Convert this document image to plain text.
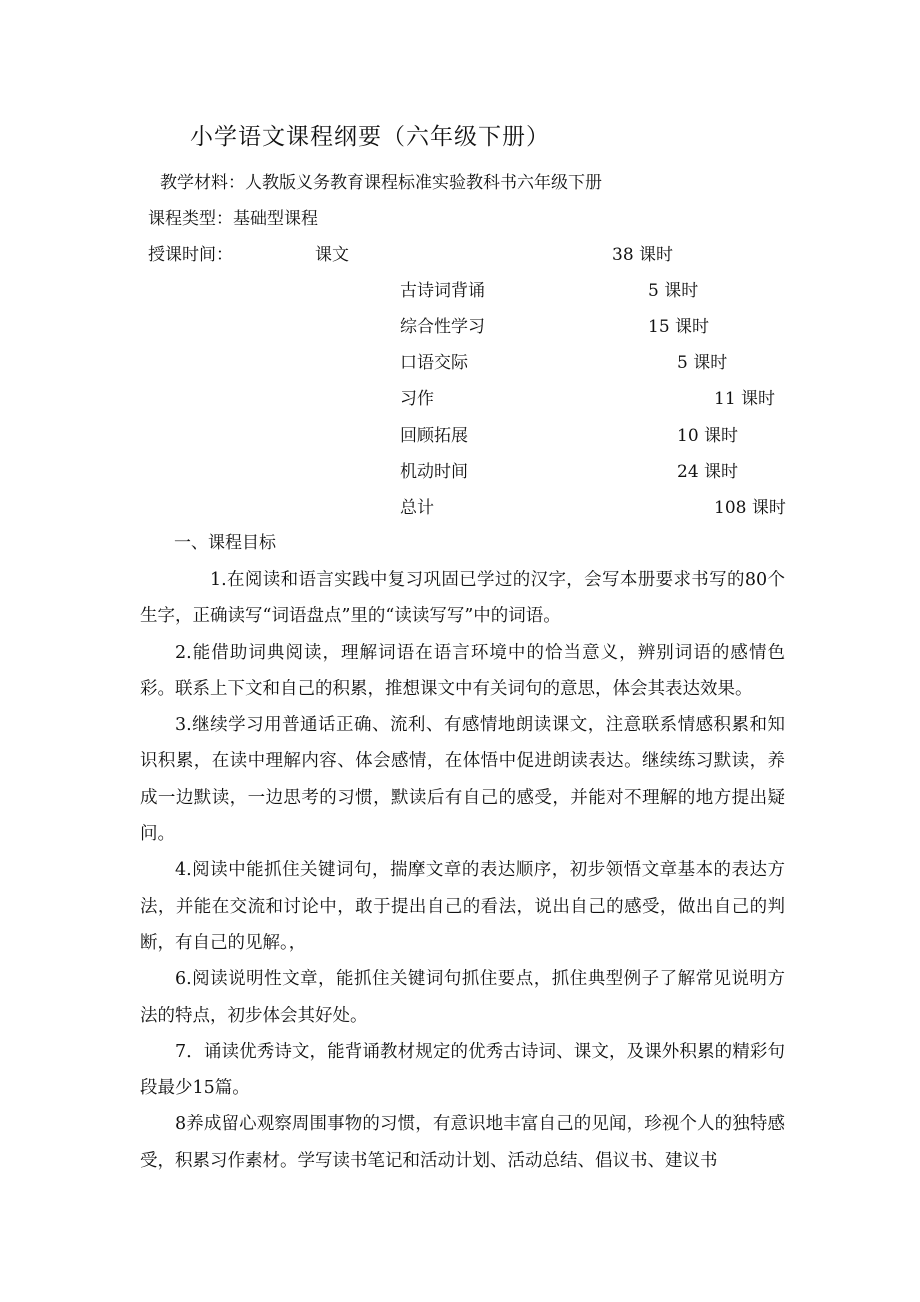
小学语文课程纲要（六年级下册）
教学材料：人教版义务教育课程标准实验教科书六年级下册
课程类型：基础型课程
授课时间：	课文	38 课时
古诗词背诵	5 课时
综合性学习	15 课时
口语交际	5 课时
习作	11 课时
回顾拓展	10 课时
机动时间	24 课时
总计	108 课时
一、课程目标

1.在阅读和语言实践中复习巩固已学过的汉字，会写本册要求书写的80个生字，正确读写“词语盘点”里的“读读写写”中的词语。

2.能借助词典阅读，理解词语在语言环境中的恰当意义，辨别词语的感情色彩。联系上下文和自己的积累，推想课文中有关词句的意思，体会其表达效果。

3.继续学习用普通话正确、流利、有感情地朗读课文，注意联系情感积累和知识积累，在读中理解内容、体会感情，在体悟中促进朗读表达。继续练习默读，养成一边默读，一边思考的习惯，默读后有自己的感受，并能对不理解的地方提出疑问。

4.阅读中能抓住关键词句，揣摩文章的表达顺序，初步领悟文章基本的表达方法，并能在交流和讨论中，敢于提出自己的看法，说出自己的感受，做出自己的判断，有自己的见解。，

6.阅读说明性文章，能抓住关键词句抓住要点，抓住典型例子了解常见说明方法的特点，初步体会其好处。

7．诵读优秀诗文，能背诵教材规定的优秀古诗词、课文，及课外积累的精彩句段最少15篇。

8养成留心观察周围事物的习惯，有意识地丰富自己的见闻，珍视个人的独特感受，积累习作素材。学写读书笔记和活动计划、活动总结、倡议书、建议书
